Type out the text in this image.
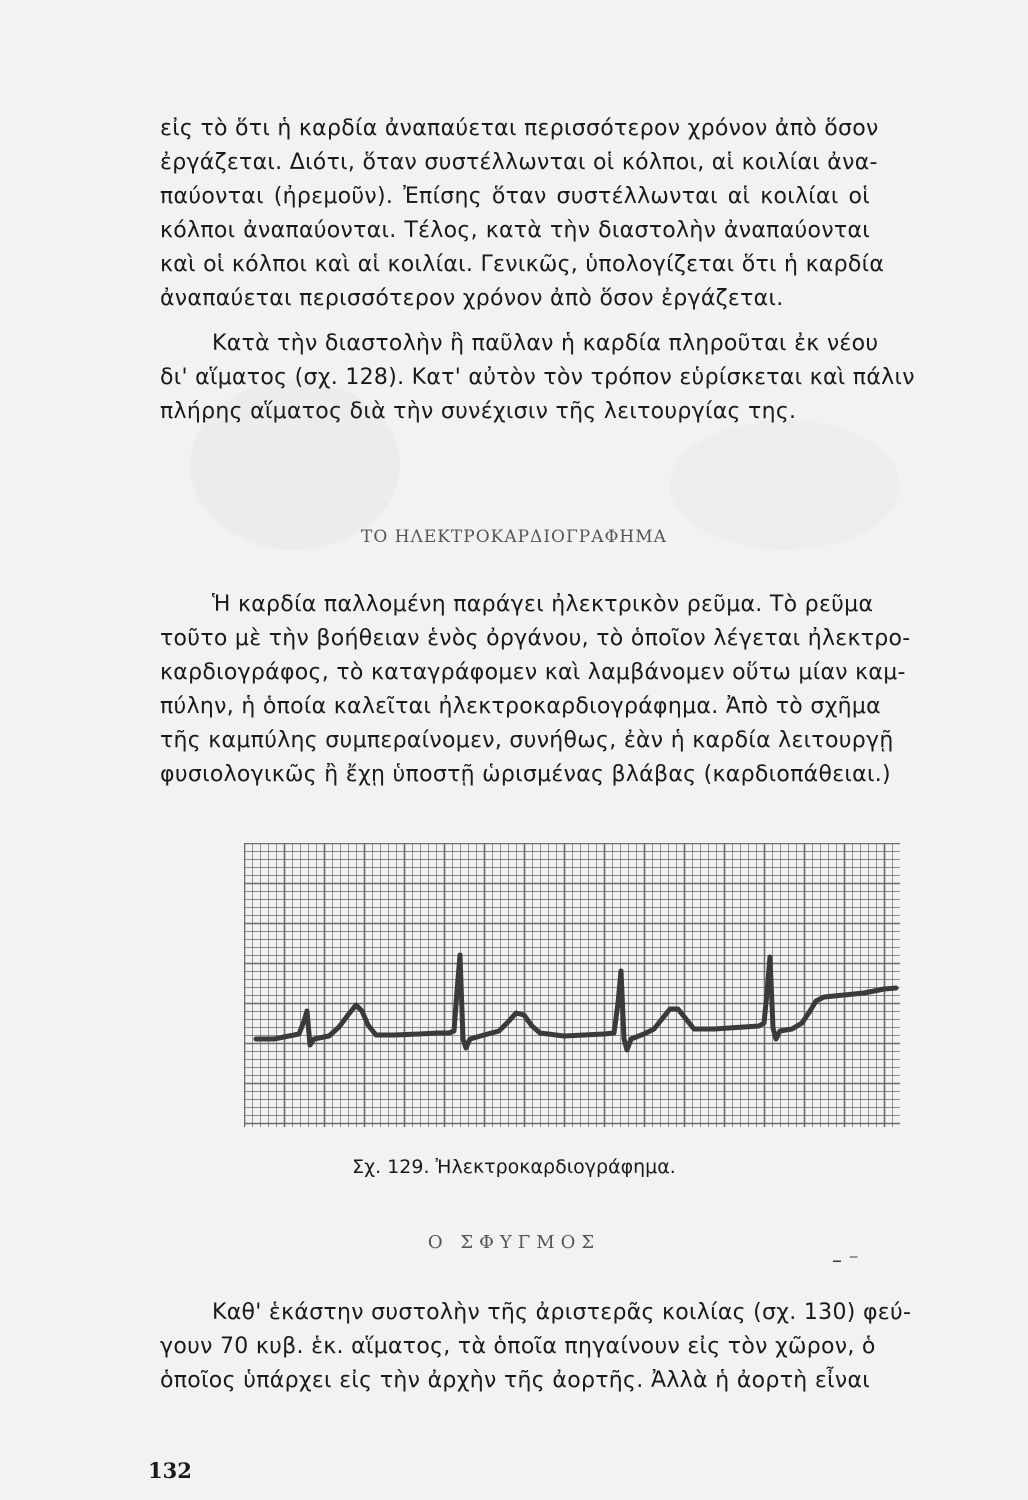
εἰς τὸ ὅτι ἡ καρδία ἀναπαύεται περισσότερον χρόνον ἀπὸ ὅσον
ἐργάζεται. Διότι, ὅταν συστέλλωνται οἱ κόλποι, αἱ κοιλίαι ἀνα-
παύονται (ἠρεμοῦν). Ἐπίσης ὅταν συστέλλωνται αἱ κοιλίαι οἱ
κόλποι ἀναπαύονται. Τέλος, κατὰ τὴν διαστολὴν ἀναπαύονται
καὶ οἱ κόλποι καὶ αἱ κοιλίαι. Γενικῶς, ὑπολογίζεται ὅτι ἡ καρδία
ἀναπαύεται περισσότερον χρόνον ἀπὸ ὅσον ἐργάζεται.
Κατὰ τὴν διαστολὴν ἢ παῦλαν ἡ καρδία πληροῦται ἐκ νέου
δι' αἵματος (σχ. 128). Κατ' αὐτὸν τὸν τρόπον εὑρίσκεται καὶ πάλιν
πλήρης αἵματος διὰ τὴν συνέχισιν τῆς λειτουργίας της.
ΤΟ ΗΛΕΚΤΡΟΚΑΡΔΙΟΓΡΑΦΗΜΑ
Ἡ καρδία παλλομένη παράγει ἠλεκτρικὸν ρεῦμα. Τὸ ρεῦμα
τοῦτο μὲ τὴν βοήθειαν ἑνὸς ὀργάνου, τὸ ὁποῖον λέγεται ἠλεκτρο-
καρδιογράφος, τὸ καταγράφομεν καὶ λαμβάνομεν οὕτω μίαν καμ-
πύλην, ἡ ὁποία καλεῖται ἠλεκτροκαρδιογράφημα. Ἀπὸ τὸ σχῆμα
τῆς καμπύλης συμπεραίνομεν, συνήθως, ἐὰν ἡ καρδία λειτουργῇ
φυσιολογικῶς ἢ ἔχῃ ὑποστῇ ὡρισμένας βλάβας (καρδιοπάθειαι.)
Σχ. 129. Ἠλεκτροκαρδιογράφημα.
Ο ΣΦΥΓΜΟΣ
– ⁻
Καθ' ἑκάστην συστολὴν τῆς ἀριστερᾶς κοιλίας (σχ. 130) φεύ-
γουν 70 κυβ. ἑκ. αἵματος, τὰ ὁποῖα πηγαίνουν εἰς τὸν χῶρον, ὁ
ὁποῖος ὑπάρχει εἰς τὴν ἀρχὴν τῆς ἀορτῆς. Ἀλλὰ ἡ ἀορτὴ εἶναι
132
